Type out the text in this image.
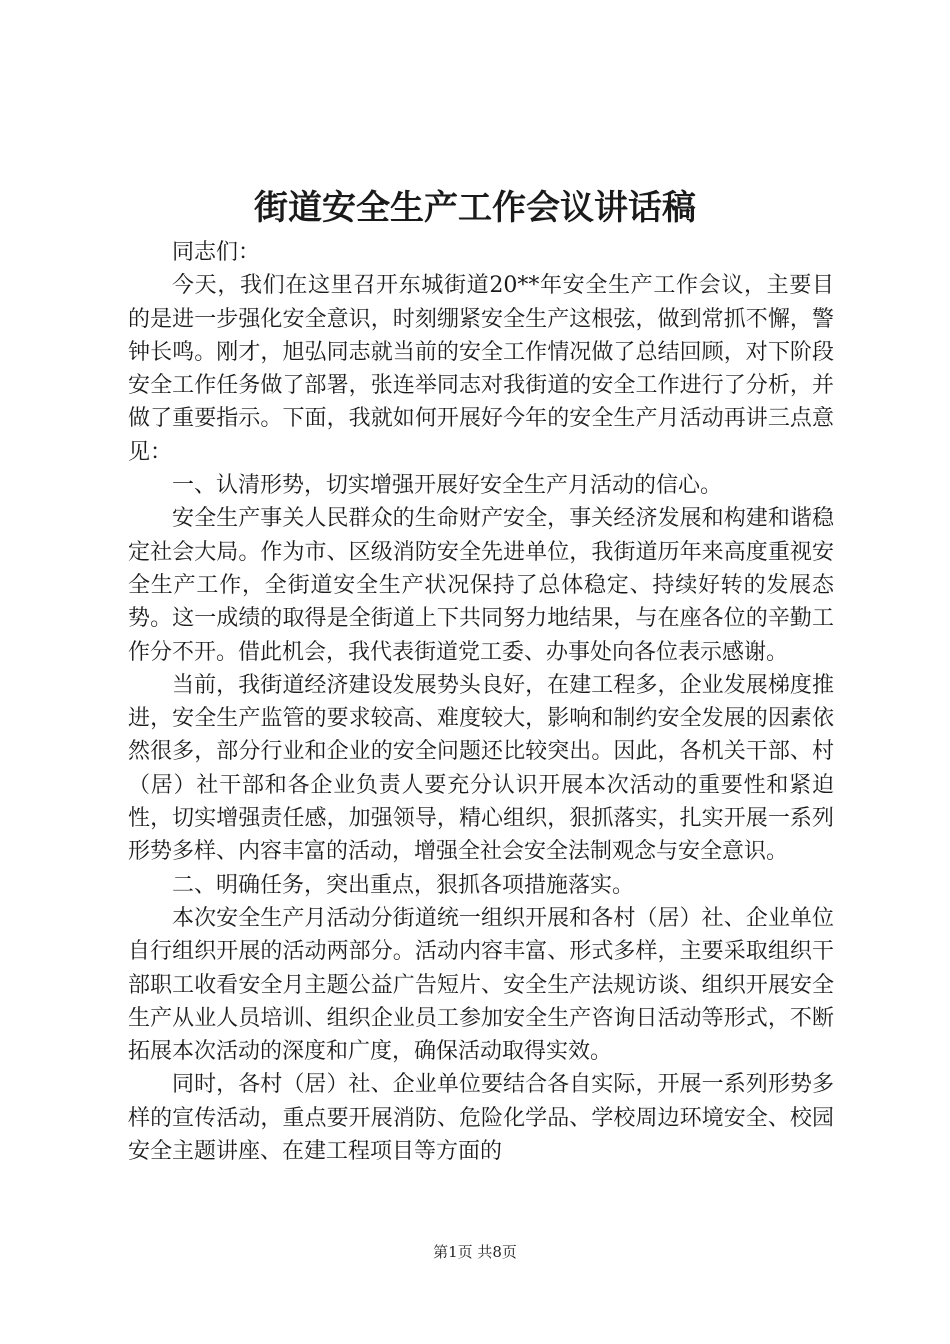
街道安全生产工作会议讲话稿

同志们：

今天，我们在这里召开东城街道20**年安全生产工作会议，主要目的是进一步强化安全意识，时刻绷紧安全生产这根弦，做到常抓不懈，警钟长鸣。刚才，旭弘同志就当前的安全工作情况做了总结回顾，对下阶段安全工作任务做了部署，张连举同志对我街道的安全工作进行了分析，并做了重要指示。下面，我就如何开展好今年的安全生产月活动再讲三点意见：

一、认清形势，切实增强开展好安全生产月活动的信心。

安全生产事关人民群众的生命财产安全，事关经济发展和构建和谐稳定社会大局。作为市、区级消防安全先进单位，我街道历年来高度重视安全生产工作，全街道安全生产状况保持了总体稳定、持续好转的发展态势。这一成绩的取得是全街道上下共同努力地结果，与在座各位的辛勤工作分不开。借此机会，我代表街道党工委、办事处向各位表示感谢。

当前，我街道经济建设发展势头良好，在建工程多，企业发展梯度推进，安全生产监管的要求较高、难度较大，影响和制约安全发展的因素依然很多，部分行业和企业的安全问题还比较突出。因此，各机关干部、村（居）社干部和各企业负责人要充分认识开展本次活动的重要性和紧迫性，切实增强责任感，加强领导，精心组织，狠抓落实，扎实开展一系列形势多样、内容丰富的活动，增强全社会安全法制观念与安全意识。

二、明确任务，突出重点，狠抓各项措施落实。

本次安全生产月活动分街道统一组织开展和各村（居）社、企业单位自行组织开展的活动两部分。活动内容丰富、形式多样，主要采取组织干部职工收看安全月主题公益广告短片、安全生产法规访谈、组织开展安全生产从业人员培训、组织企业员工参加安全生产咨询日活动等形式，不断拓展本次活动的深度和广度，确保活动取得实效。

同时，各村（居）社、企业单位要结合各自实际，开展一系列形势多样的宣传活动，重点要开展消防、危险化学品、学校周边环境安全、校园安全主题讲座、在建工程项目等方面的

第1页 共8页
